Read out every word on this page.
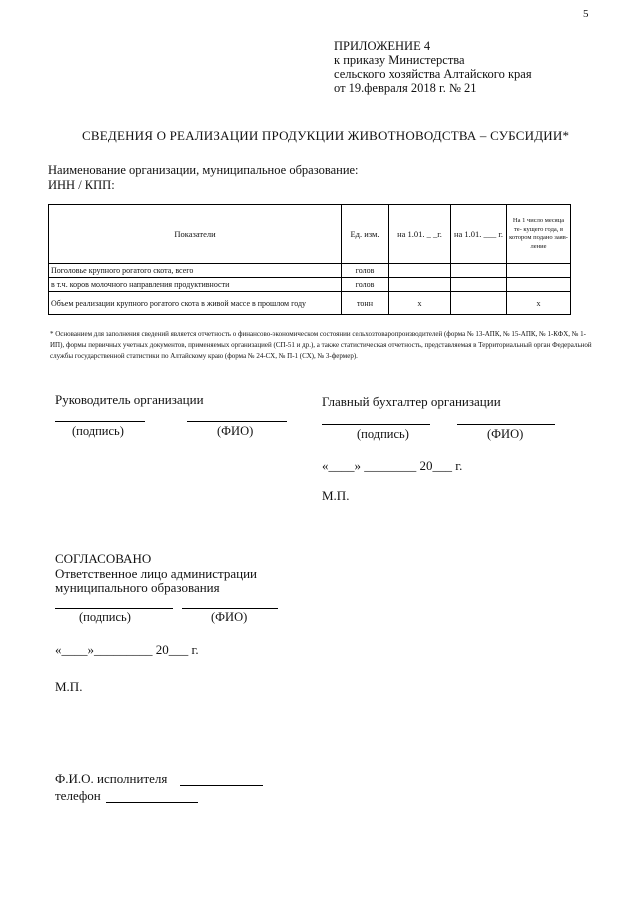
5
ПРИЛОЖЕНИЕ 4
к приказу Министерства
сельского хозяйства Алтайского края
от 19.февраля 2018 г. № 21
СВЕДЕНИЯ О РЕАЛИЗАЦИИ ПРОДУКЦИИ ЖИВОТНОВОДСТВА – СУБСИДИИ*
Наименование организации, муниципальное образование:
ИНН / КПП:
Показатели	Ед. изм.	на 1.01. _ _г.	на 1.01. ___ г.	На 1 число месяца те- кущего года, в котором подано заяв- ление
Поголовье крупного рогатого скота, всего	голов			
в т.ч. коров молочного направления продуктивности	голов			
Объем реализации крупного рогатого скота в живой массе в прошлом году	тонн	х		х
* Основанием для заполнения сведений является отчетность о финансово-экономическом состоянии сельхозтоваропроизводителей (форма № 13-АПК, № 15-АПК, № 1-КФХ, № 1-ИП), формы первичных учетных документов, применяемых организацией (СП-51 и др.), а также статистическая отчетность, представляемая в Территориальный орган Федеральной службы государственной статистики по Алтайскому краю (форма № 24-СХ, № П-1 (СХ), № 3-фермер).
Руководитель организации
(подпись)	(ФИО)
Главный бухгалтер организации
(подпись)	(ФИО)
«____» ________ 20___ г.
М.П.
СОГЛАСОВАНО
Ответственное лицо администрации
муниципального образования
(подпись)	(ФИО)
«____»_________ 20___ г.
М.П.
Ф.И.О. исполнителя
телефон
